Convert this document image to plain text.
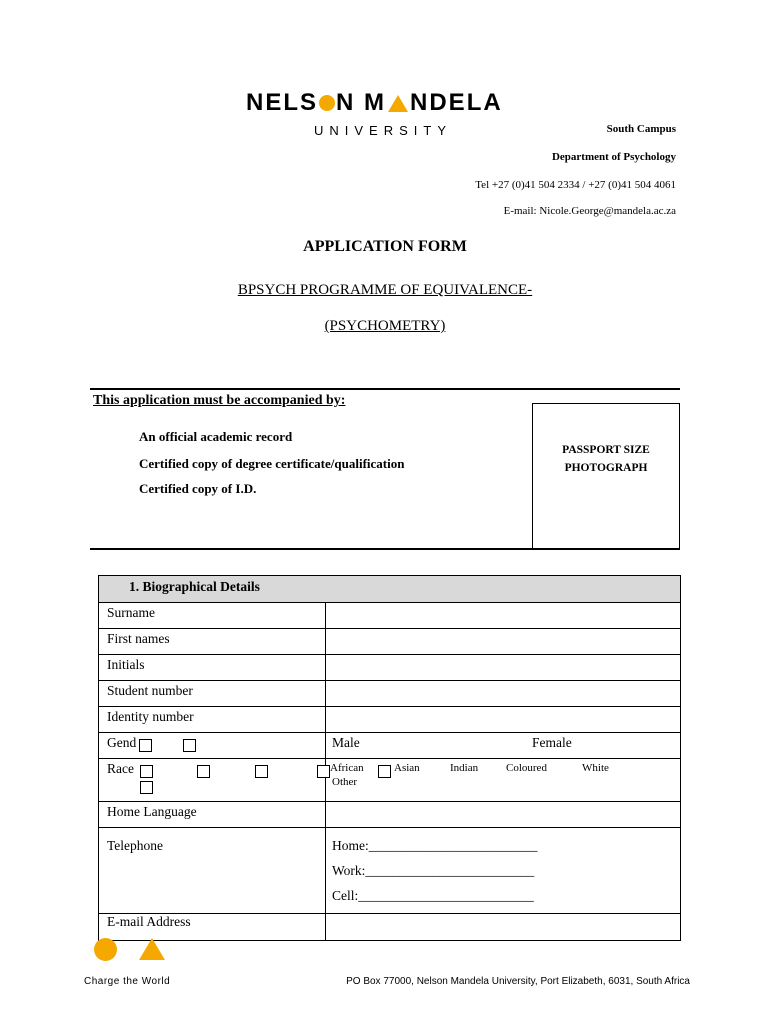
NELS N M NDELA
UNIVERSITY	South Campus
Department of Psychology
Tel +27 (0)41 504 2334 / +27 (0)41 504 4061
E-mail: Nicole.George@mandela.ac.za
APPLICATION FORM
BPSYCH PROGRAMME OF EQUIVALENCE-
(PSYCHOMETRY)
This application must be accompanied by:
An official academic record
Certified copy of degree certificate/qualification
Certified copy of I.D.
PASSPORT SIZE
PHOTOGRAPH
1. Biographical Details
Surname
First names
Initials
Student number
Identity number
Gend	Male	Female
Race	African	Asian	Indian	Coloured	White
Other
Home Language
Telephone	Home:_________________________
Work:_________________________
Cell:__________________________
E-mail Address
Charge the World	PO Box 77000, Nelson Mandela University, Port Elizabeth, 6031, South Africa
